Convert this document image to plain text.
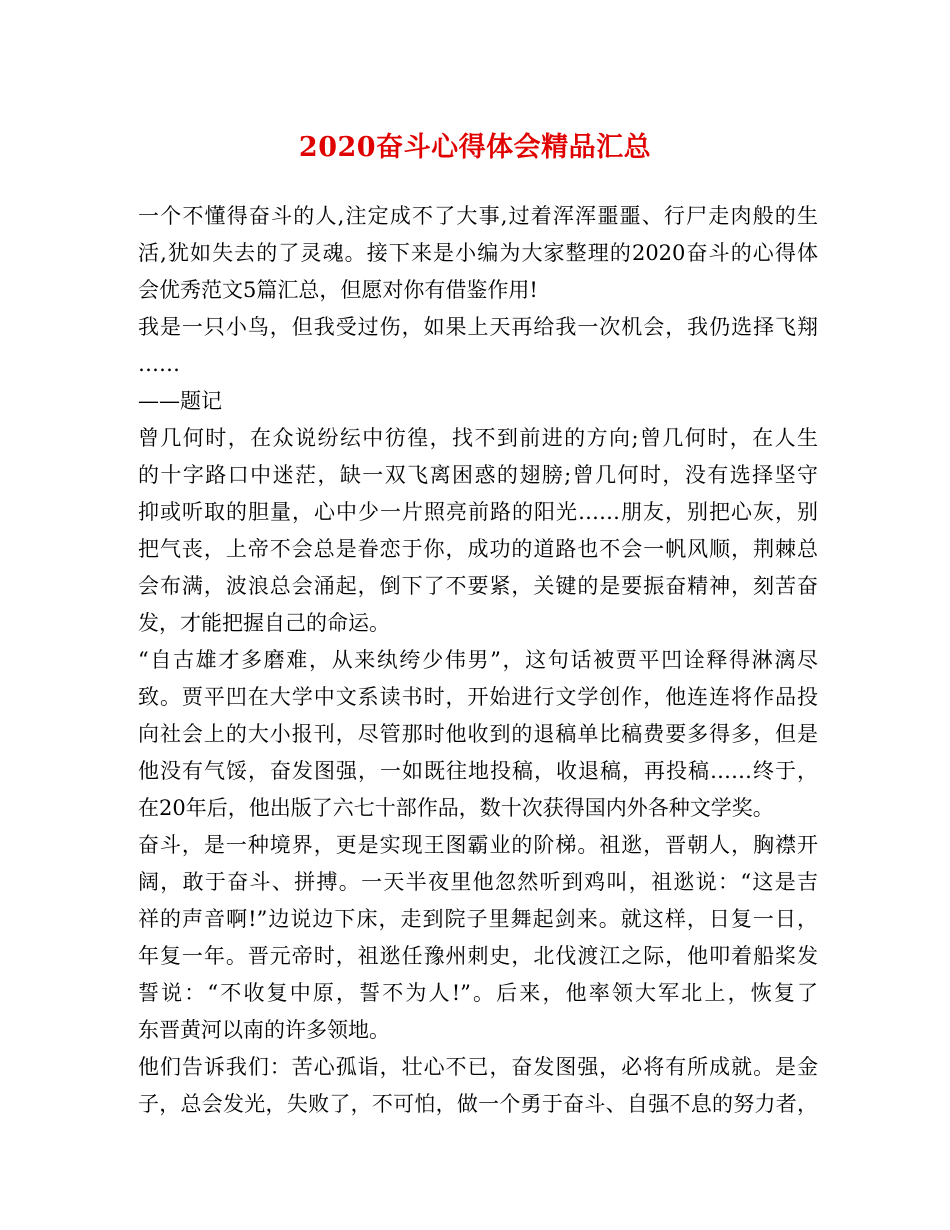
2020奋斗心得体会精品汇总
一个不懂得奋斗的人,注定成不了大事,过着浑浑噩噩、行尸走肉般的生
活,犹如失去的了灵魂。接下来是小编为大家整理的2020奋斗的心得体
会优秀范文5篇汇总，但愿对你有借鉴作用!
我是一只小鸟，但我受过伤，如果上天再给我一次机会，我仍选择飞翔
……
——题记
曾几何时，在众说纷纭中彷徨，找不到前进的方向;曾几何时，在人生
的十字路口中迷茫，缺一双飞离困惑的翅膀;曾几何时，没有选择坚守
抑或听取的胆量，心中少一片照亮前路的阳光……朋友，别把心灰，别
把气丧，上帝不会总是眷恋于你，成功的道路也不会一帆风顺，荆棘总
会布满，波浪总会涌起，倒下了不要紧，关键的是要振奋精神，刻苦奋
发，才能把握自己的命运。
“自古雄才多磨难，从来纨绔少伟男”，这句话被贾平凹诠释得淋漓尽
致。贾平凹在大学中文系读书时，开始进行文学创作，他连连将作品投
向社会上的大小报刊，尽管那时他收到的退稿单比稿费要多得多，但是
他没有气馁，奋发图强，一如既往地投稿，收退稿，再投稿……终于，
在20年后，他出版了六七十部作品，数十次获得国内外各种文学奖。
奋斗，是一种境界，更是实现王图霸业的阶梯。祖逖，晋朝人，胸襟开
阔，敢于奋斗、拼搏。一天半夜里他忽然听到鸡叫，祖逖说：“这是吉
祥的声音啊!”边说边下床，走到院子里舞起剑来。就这样，日复一日，
年复一年。晋元帝时，祖逖任豫州刺史，北伐渡江之际，他叩着船桨发
誓说：“不收复中原，誓不为人!”。后来，他率领大军北上，恢复了
东晋黄河以南的许多领地。
他们告诉我们：苦心孤诣，壮心不已，奋发图强，必将有所成就。是金
子，总会发光，失败了，不可怕，做一个勇于奋斗、自强不息的努力者，
